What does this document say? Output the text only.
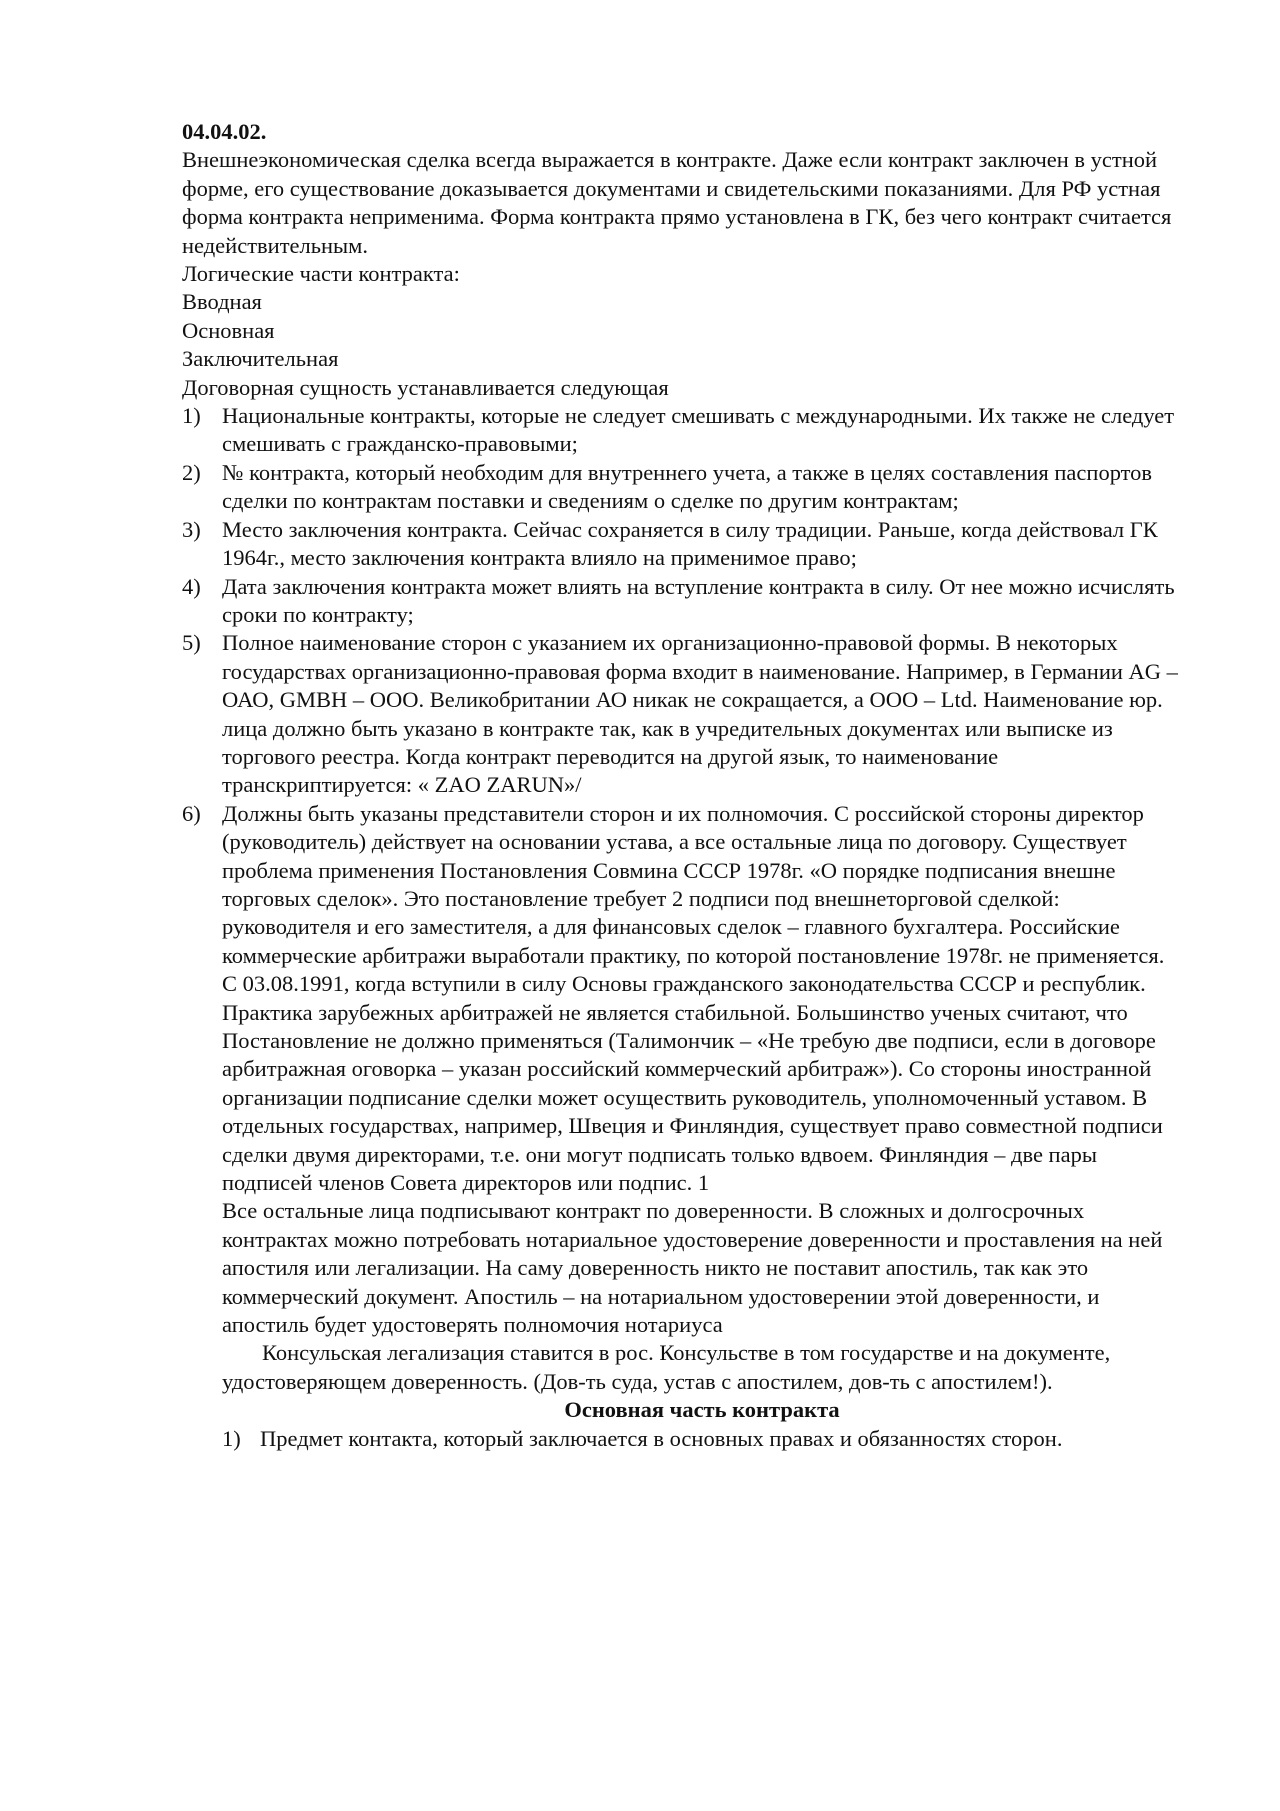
04.04.02.

Внешнеэкономическая сделка всегда выражается в контракте. Даже если контракт заключен в устной форме, его существование доказывается документами и свидетельскими показаниями. Для РФ устная форма контракта неприменима. Форма контракта прямо установлена в ГК, без чего контракт считается недействительным.

Логические части контракта:

Вводная

Основная

Заключительная

Договорная сущность устанавливается следующая

1) Национальные контракты, которые не следует смешивать с международными. Их также не следует смешивать с гражданско-правовыми;
2) № контракта, который необходим для внутреннего учета, а также в целях составления паспортов сделки по контрактам поставки и сведениям о сделке по другим контрактам;
3) Место заключения контракта. Сейчас сохраняется в силу традиции. Раньше, когда действовал ГК 1964г., место заключения контракта влияло на применимое право;
4) Дата заключения контракта может влиять на вступление контракта в силу. От нее можно исчислять сроки по контракту;
5) Полное наименование сторон с указанием их организационно-правовой формы. В некоторых государствах организационно-правовая форма входит в наименование. Например, в Германии AG – ОАО, GMBH – ООО. Великобритании АО никак не сокращается, а ООО – Ltd. Наименование юр. лица должно быть указано в контракте так, как в учредительных документах или выписке из торгового реестра. Когда контракт переводится на другой язык, то наименование транскриптируется: « ZAO ZARUN»/
6) Должны быть указаны представители сторон и их полномочия. С российской стороны директор (руководитель) действует на основании устава, а все остальные лица по договору. Существует проблема применения Постановления Совмина СССР 1978г. «О порядке подписания внешне торговых сделок». Это постановление требует 2 подписи под внешнеторговой сделкой: руководителя и его заместителя, а для финансовых сделок – главного бухгалтера. Российские коммерческие арбитражи выработали практику, по которой постановление 1978г. не применяется. С 03.08.1991, когда вступили в силу Основы гражданского законодательства СССР и республик. Практика зарубежных арбитражей не является стабильной. Большинство ученых считают, что Постановление не должно применяться (Талимончик – «Не требую две подписи, если в договоре арбитражная оговорка – указан российский коммерческий арбитраж»). Со стороны иностранной организации подписание сделки может осуществить руководитель, уполномоченный уставом. В отдельных государствах, например, Швеция и Финляндия, существует право совместной подписи сделки двумя директорами, т.е. они могут подписать только вдвоем. Финляндия – две пары подписей членов Совета директоров или подпис. 1

Все остальные лица подписывают контракт по доверенности. В сложных и долгосрочных контрактах можно потребовать нотариальное удостоверение доверенности и проставления на ней апостиля или легализации. На саму доверенность никто не поставит апостиль, так как это коммерческий документ. Апостиль – на нотариальном удостоверении этой доверенности, и апостиль будет удостоверять полномочия нотариуса

Консульская легализация ставится в рос. Консульстве в том государстве и на документе, удостоверяющем доверенность. (Дов-ть суда, устав с апостилем, дов-ть с апостилем!).

Основная часть контракта

1) Предмет контакта, который заключается в основных правах и обязанностях сторон.
